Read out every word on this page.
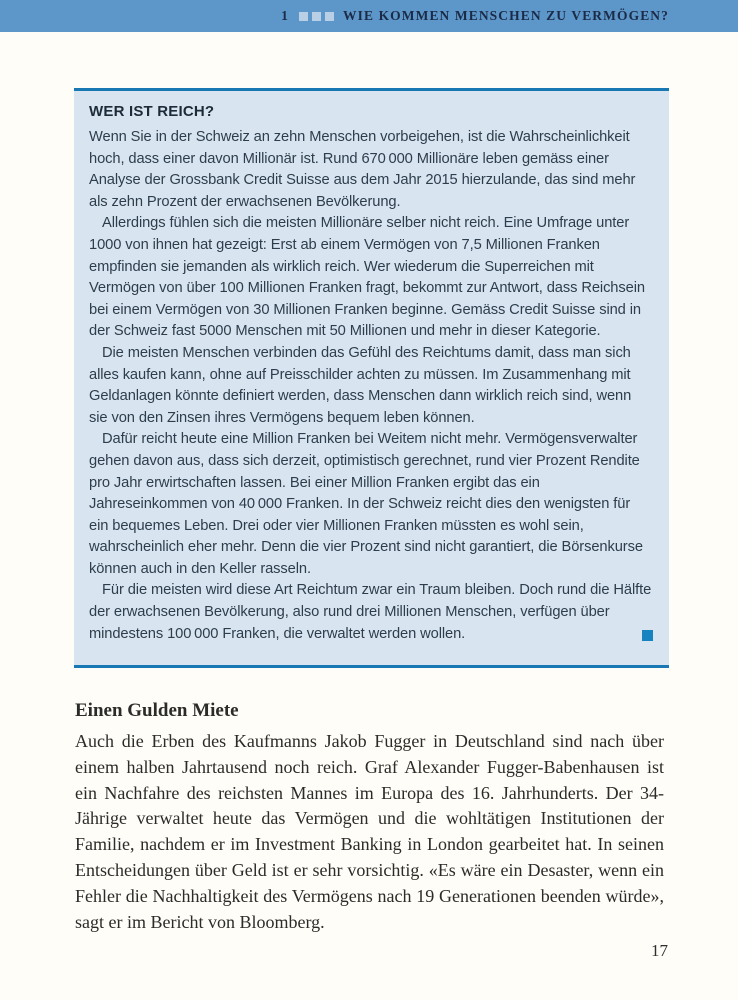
1	WIE KOMMEN MENSCHEN ZU VERMÖGEN?
WER IST REICH?

Wenn Sie in der Schweiz an zehn Menschen vorbeigehen, ist die Wahrscheinlichkeit hoch, dass einer davon Millionär ist. Rund 670 000 Millionäre leben gemäss einer Analyse der Grossbank Credit Suisse aus dem Jahr 2015 hierzulande, das sind mehr als zehn Prozent der erwachsenen Bevölkerung.

Allerdings fühlen sich die meisten Millionäre selber nicht reich. Eine Umfrage unter 1000 von ihnen hat gezeigt: Erst ab einem Vermögen von 7,5 Millionen Franken empfinden sie jemanden als wirklich reich. Wer wiederum die Superreichen mit Vermögen von über 100 Millionen Franken fragt, bekommt zur Antwort, dass Reichsein bei einem Vermögen von 30 Millionen Franken beginne. Gemäss Credit Suisse sind in der Schweiz fast 5000 Menschen mit 50 Millionen und mehr in dieser Kategorie.

Die meisten Menschen verbinden das Gefühl des Reichtums damit, dass man sich alles kaufen kann, ohne auf Preisschilder achten zu müssen. Im Zusammenhang mit Geldanlagen könnte definiert werden, dass Menschen dann wirklich reich sind, wenn sie von den Zinsen ihres Vermögens bequem leben können.

Dafür reicht heute eine Million Franken bei Weitem nicht mehr. Vermögensverwalter gehen davon aus, dass sich derzeit, optimistisch gerechnet, rund vier Prozent Rendite pro Jahr erwirtschaften lassen. Bei einer Million Franken ergibt das ein Jahreseinkommen von 40 000 Franken. In der Schweiz reicht dies den wenigsten für ein bequemes Leben. Drei oder vier Millionen Franken müssten es wohl sein, wahrscheinlich eher mehr. Denn die vier Prozent sind nicht garantiert, die Börsenkurse können auch in den Keller rasseln.

Für die meisten wird diese Art Reichtum zwar ein Traum bleiben. Doch rund die Hälfte der erwachsenen Bevölkerung, also rund drei Millionen Menschen, verfügen über mindestens 100 000 Franken, die verwaltet werden wollen.

Einen Gulden Miete

Auch die Erben des Kaufmanns Jakob Fugger in Deutschland sind nach über einem halben Jahrtausend noch reich. Graf Alexander Fugger-Babenhausen ist ein Nachfahre des reichsten Mannes im Europa des 16. Jahrhunderts. Der 34-Jährige verwaltet heute das Vermögen und die wohltätigen Institutionen der Familie, nachdem er im Investment Banking in London gearbeitet hat. In seinen Entscheidungen über Geld ist er sehr vorsichtig. «Es wäre ein Desaster, wenn ein Fehler die Nachhaltigkeit des Vermögens nach 19 Generationen beenden würde», sagt er im Bericht von Bloomberg.

17
